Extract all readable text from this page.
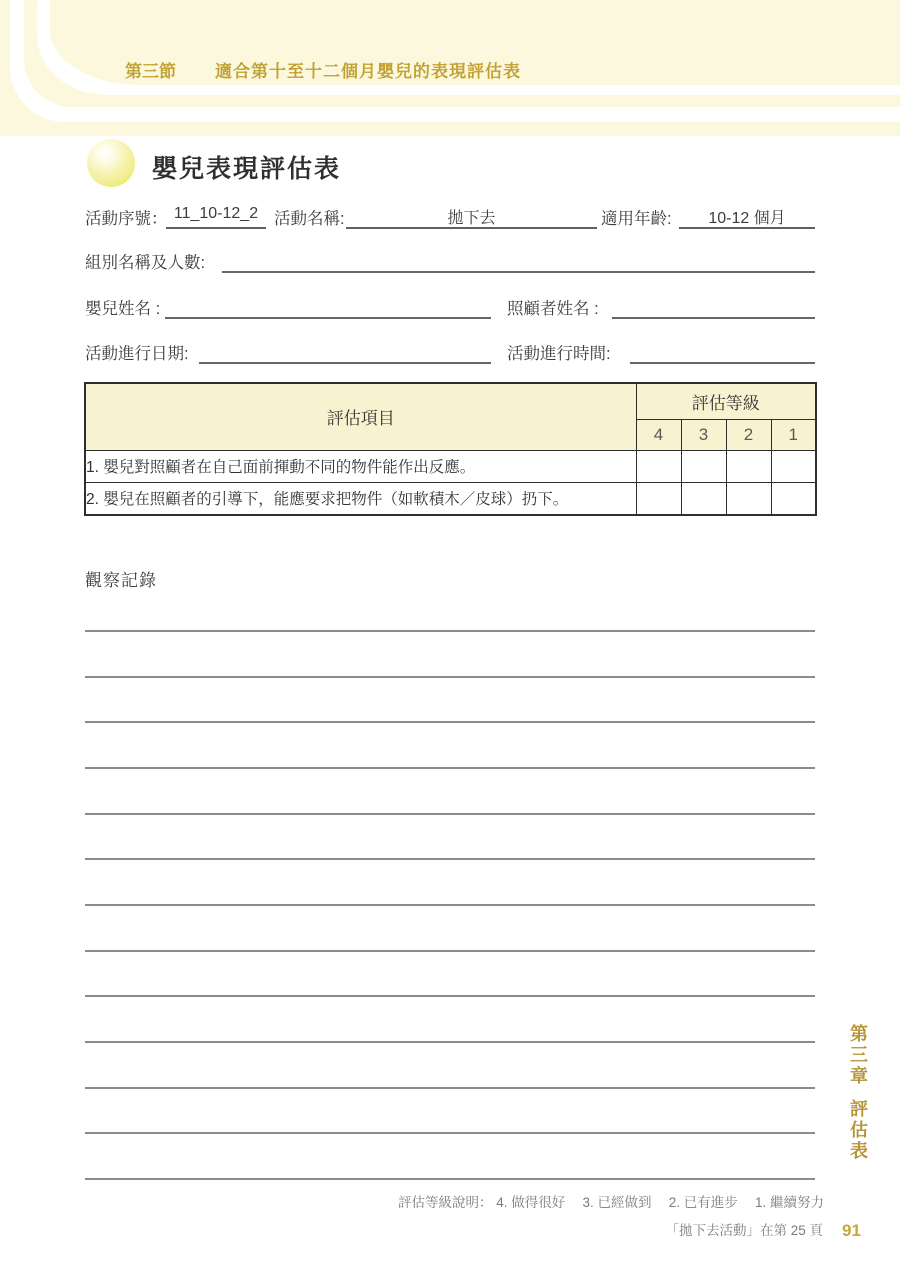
第三節 適合第十至十二個月嬰兒的表現評估表
嬰兒表現評估表
活動序號： 11_10-12_2 活動名稱:	拋下去	適用年齡:	10-12 個月
組別名稱及人數:
嬰兒姓名 :	照顧者姓名 :
活動進行日期:	活動進行時間:
評估項目	評估等級			
	4	3	2	1
1. 嬰兒對照顧者在自己面前揮動不同的物件能作出反應。				
2. 嬰兒在照顧者的引導下，能應要求把物件（如軟積木／皮球）扔下。				
觀察記錄
第三章
評估表
評估等級說明： 4. 做得很好　 3. 已經做到　 2. 已有進步　 1. 繼續努力
「拋下去活動」在第 25 頁 91
